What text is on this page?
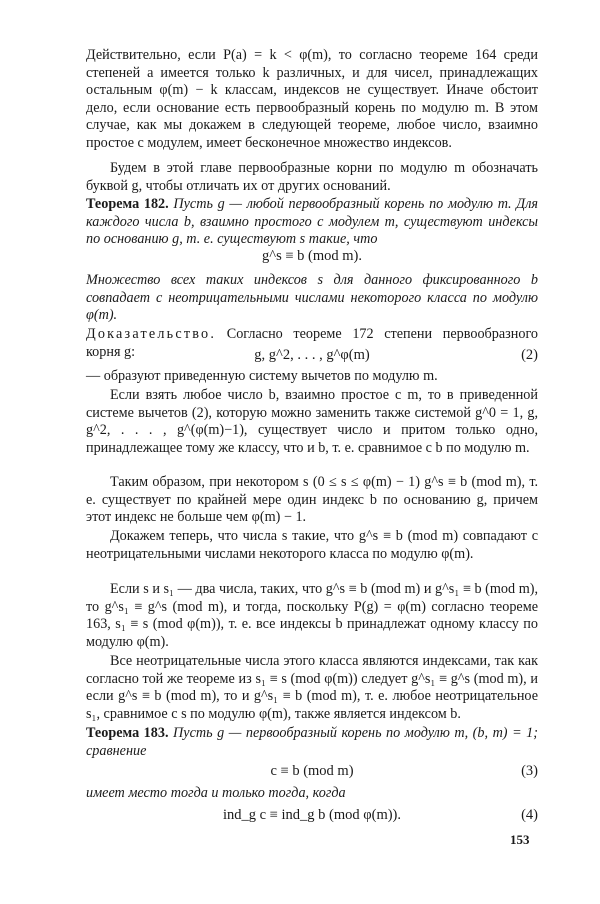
Действительно, если P(a) = k < φ(m), то согласно теореме 164 среди степеней a имеется только k различных, и для чисел, принадлежащих остальным φ(m) − k классам, индексов не существует. Иначе обстоит дело, если основание есть первообразный корень по модулю m. В этом случае, как мы докажем в следующей теореме, любое число, взаимно простое с модулем, имеет бесконечное множество индексов.

Будем в этой главе первообразные корни по модулю m обозначать буквой g, чтобы отличать их от других оснований.

Теорема 182. Пусть g — любой первообразный корень по модулю m. Для каждого числа b, взаимно простого с модулем m, существуют индексы по основанию g, т. е. существуют s такие, что

g^s ≡ b (mod m).

Множество всех таких индексов s для данного фиксированного b совпадает с неотрицательными числами некоторого класса по модулю φ(m).

Доказательство. Согласно теореме 172 степени первообразного корня g:	g, g^2, . . . , g^φ(m)	(2)

— образуют приведенную систему вычетов по модулю m.

Если взять любое число b, взаимно простое с m, то в приведенной системе вычетов (2), которую можно заменить также системой g^0 = 1, g, g^2, . . . , g^(φ(m)−1), существует число и притом только одно, принадлежащее тому же классу, что и b, т. е. сравнимое с b по модулю m.

Таким образом, при некотором s (0 ≤ s ≤ φ(m) − 1) g^s ≡ b (mod m), т. е. существует по крайней мере один индекс b по основанию g, причем этот индекс не больше чем φ(m) − 1.

Докажем теперь, что числа s такие, что g^s ≡ b (mod m) совпадают с неотрицательными числами некоторого класса по модулю φ(m).

Если s и s₁ — два числа, таких, что g^s ≡ b (mod m) и g^s₁ ≡ b (mod m), то g^s₁ ≡ g^s (mod m), и тогда, поскольку P(g) = φ(m) согласно теореме 163, s₁ ≡ s (mod φ(m)), т. е. все индексы b принадлежат одному классу по модулю φ(m).

Все неотрицательные числа этого класса являются индексами, так как согласно той же теореме из s₁ ≡ s (mod φ(m)) следует g^s₁ ≡ g^s (mod m), и если g^s ≡ b (mod m), то и g^s₁ ≡ b (mod m), т. е. любое неотрицательное s₁, сравнимое с s по модулю φ(m), также является индексом b.

Теорема 183. Пусть g — первообразный корень по модулю m, (b, m) = 1; сравнение

c ≡ b (mod m)	(3)

имеет место тогда и только тогда, когда

ind_g c ≡ ind_g b (mod φ(m)).	(4)
153
